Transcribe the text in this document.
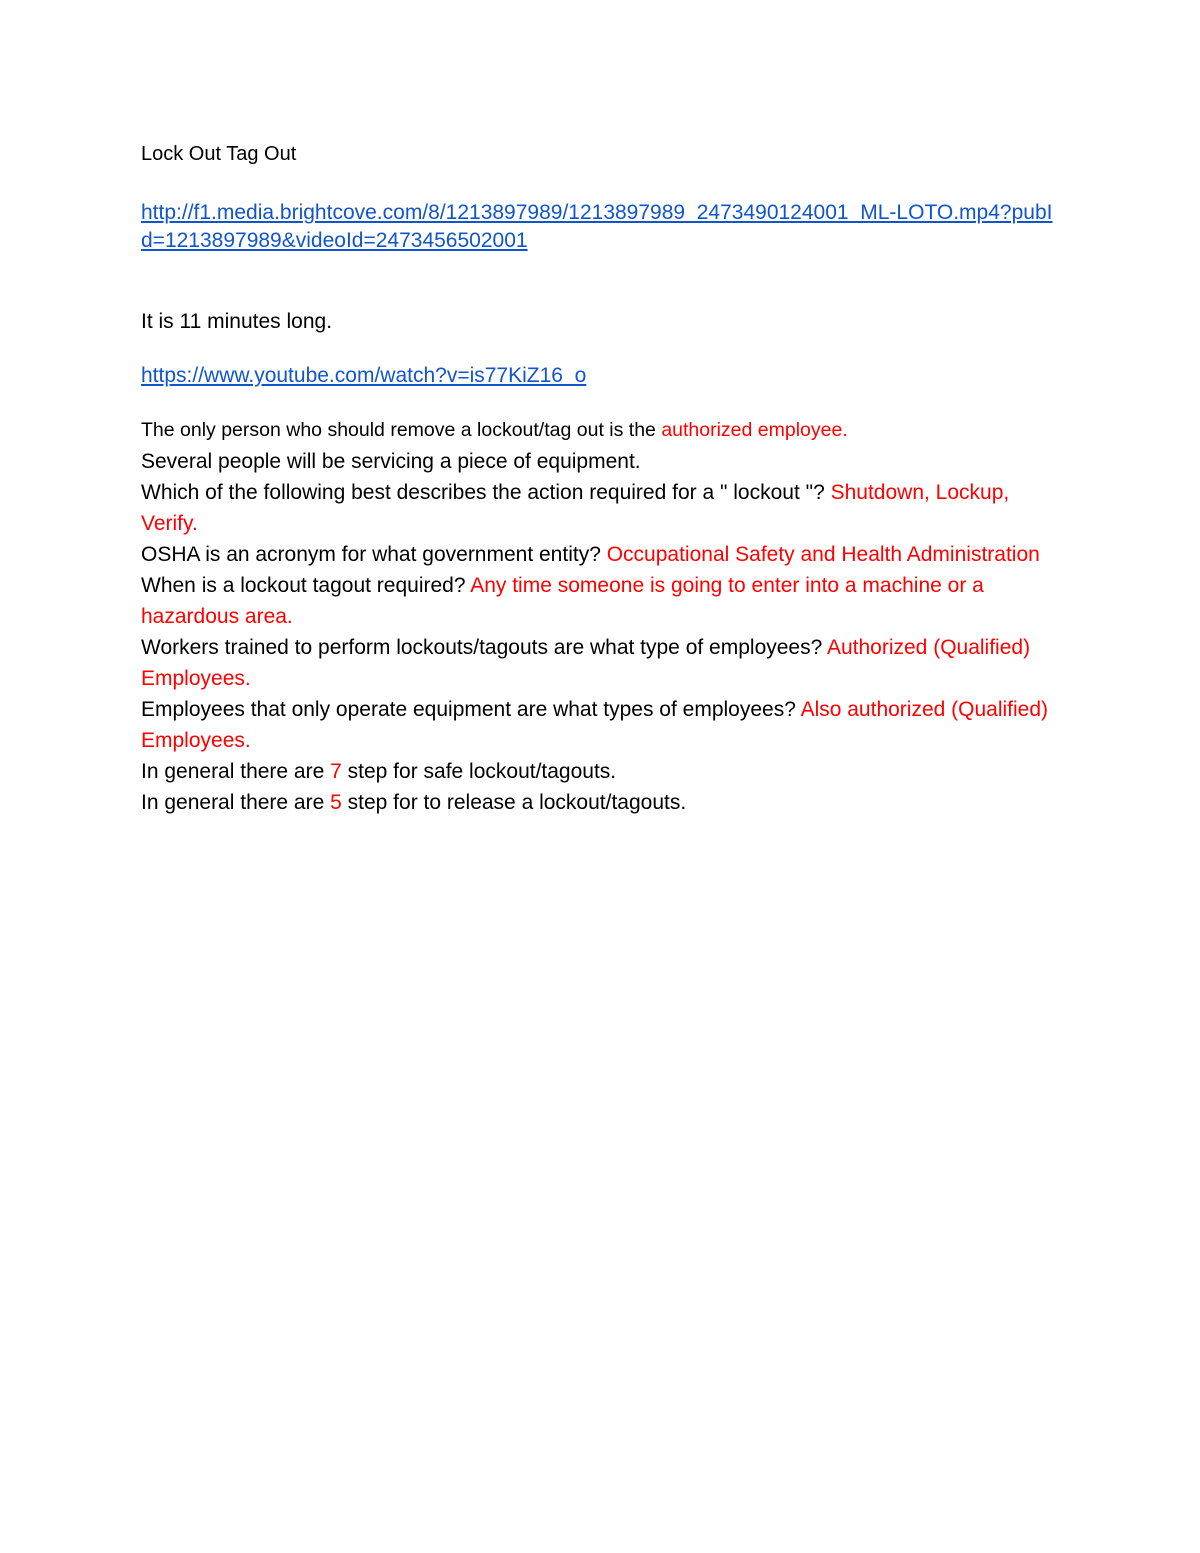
Lock Out Tag Out
http://f1.media.brightcove.com/8/1213897989/1213897989_2473490124001_ML-LOTO.mp4?pubId=1213897989&videoId=2473456502001
It is 11 minutes long.
https://www.youtube.com/watch?v=is77KiZ16_o
The only person who should remove a lockout/tag out is the authorized employee.
Several people will be servicing a piece of equipment.
Which of the following best describes the action required for a " lockout "? Shutdown, Lockup, Verify.
OSHA is an acronym for what government entity? Occupational Safety and Health Administration
When is a lockout tagout required? Any time someone is going to enter into a machine or a hazardous area.
Workers trained to perform lockouts/tagouts are what type of employees? Authorized (Qualified) Employees.
Employees that only operate equipment are what types of employees? Also authorized (Qualified) Employees.
In general there are 7 step for safe lockout/tagouts.
In general there are 5 step for to release a lockout/tagouts.
